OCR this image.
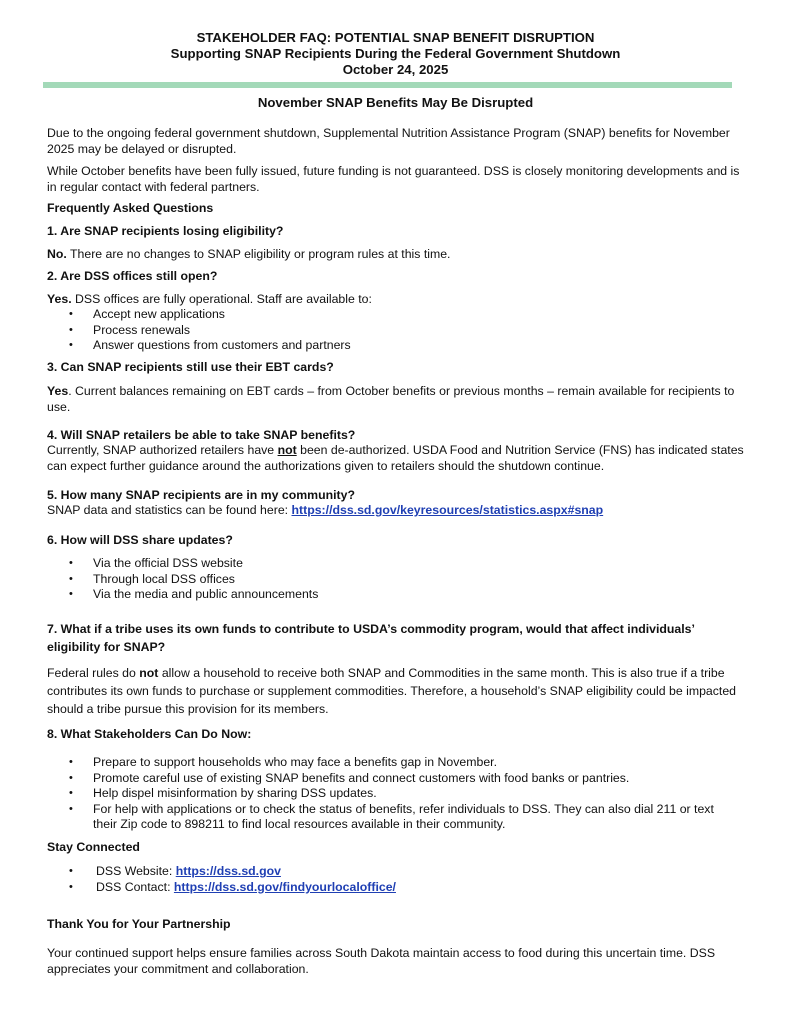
STAKEHOLDER FAQ: POTENTIAL SNAP BENEFIT DISRUPTION
Supporting SNAP Recipients During the Federal Government Shutdown
October 24, 2025
November SNAP Benefits May Be Disrupted
Due to the ongoing federal government shutdown, Supplemental Nutrition Assistance Program (SNAP) benefits for November 2025 may be delayed or disrupted.
While October benefits have been fully issued, future funding is not guaranteed. DSS is closely monitoring developments and is in regular contact with federal partners.
Frequently Asked Questions
1. Are SNAP recipients losing eligibility?
No. There are no changes to SNAP eligibility or program rules at this time.
2. Are DSS offices still open?
Yes. DSS offices are fully operational. Staff are available to:
• Accept new applications
• Process renewals
• Answer questions from customers and partners
3. Can SNAP recipients still use their EBT cards?
Yes. Current balances remaining on EBT cards – from October benefits or previous months – remain available for recipients to use.
4. Will SNAP retailers be able to take SNAP benefits?
Currently, SNAP authorized retailers have not been de-authorized. USDA Food and Nutrition Service (FNS) has indicated states can expect further guidance around the authorizations given to retailers should the shutdown continue.
5. How many SNAP recipients are in my community?
SNAP data and statistics can be found here: https://dss.sd.gov/keyresources/statistics.aspx#snap
6. How will DSS share updates?
• Via the official DSS website
• Through local DSS offices
• Via the media and public announcements
7. What if a tribe uses its own funds to contribute to USDA’s commodity program, would that affect individuals’ eligibility for SNAP?
Federal rules do not allow a household to receive both SNAP and Commodities in the same month. This is also true if a tribe contributes its own funds to purchase or supplement commodities. Therefore, a household’s SNAP eligibility could be impacted should a tribe pursue this provision for its members.
8. What Stakeholders Can Do Now:
• Prepare to support households who may face a benefits gap in November.
• Promote careful use of existing SNAP benefits and connect customers with food banks or pantries.
• Help dispel misinformation by sharing DSS updates.
• For help with applications or to check the status of benefits, refer individuals to DSS. They can also dial 211 or text their Zip code to 898211 to find local resources available in their community.
Stay Connected
• DSS Website: https://dss.sd.gov
• DSS Contact: https://dss.sd.gov/findyourlocaloffice/
Thank You for Your Partnership
Your continued support helps ensure families across South Dakota maintain access to food during this uncertain time. DSS appreciates your commitment and collaboration.
